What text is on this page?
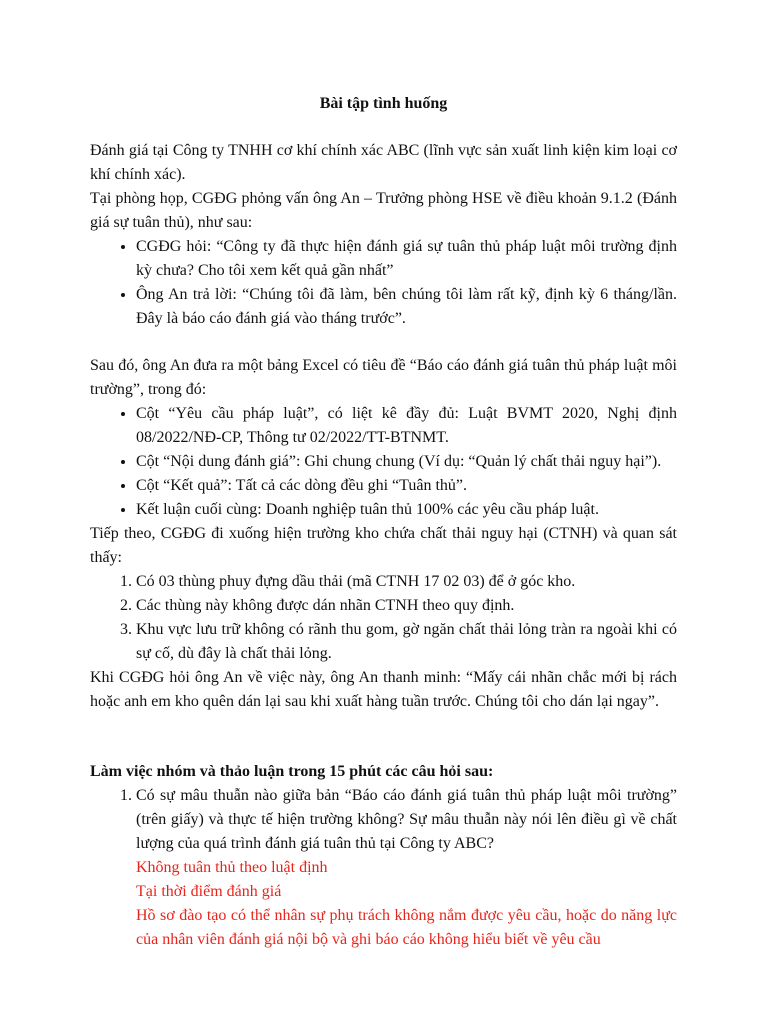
Bài tập tình huống

Đánh giá tại Công ty TNHH cơ khí chính xác ABC (lĩnh vực sản xuất linh kiện kim loại cơ khí chính xác).

Tại phòng họp, CGĐG phỏng vấn ông An – Trưởng phòng HSE về điều khoản 9.1.2 (Đánh giá sự tuân thủ), như sau:

• CGĐG hỏi: “Công ty đã thực hiện đánh giá sự tuân thủ pháp luật môi trường định kỳ chưa? Cho tôi xem kết quả gần nhất”
• Ông An trả lời: “Chúng tôi đã làm, bên chúng tôi làm rất kỹ, định kỳ 6 tháng/lần. Đây là báo cáo đánh giá vào tháng trước”.

Sau đó, ông An đưa ra một bảng Excel có tiêu đề “Báo cáo đánh giá tuân thủ pháp luật môi trường”, trong đó:

• Cột “Yêu cầu pháp luật”, có liệt kê đầy đủ: Luật BVMT 2020, Nghị định 08/2022/NĐ-CP, Thông tư 02/2022/TT-BTNMT.
• Cột “Nội dung đánh giá”: Ghi chung chung (Ví dụ: “Quản lý chất thải nguy hại”).
• Cột “Kết quả”: Tất cả các dòng đều ghi “Tuân thủ”.
• Kết luận cuối cùng: Doanh nghiệp tuân thủ 100% các yêu cầu pháp luật.

Tiếp theo, CGĐG đi xuống hiện trường kho chứa chất thải nguy hại (CTNH) và quan sát thấy:

1. Có 03 thùng phuy đựng dầu thải (mã CTNH 17 02 03) để ở góc kho.
2. Các thùng này không được dán nhãn CTNH theo quy định.
3. Khu vực lưu trữ không có rãnh thu gom, gờ ngăn chất thải lỏng tràn ra ngoài khi có sự cố, dù đây là chất thải lỏng.

Khi CGĐG hỏi ông An về việc này, ông An thanh minh: “Mấy cái nhãn chắc mới bị rách hoặc anh em kho quên dán lại sau khi xuất hàng tuần trước. Chúng tôi cho dán lại ngay”.

Làm việc nhóm và thảo luận trong 15 phút các câu hỏi sau:

1. Có sự mâu thuẫn nào giữa bản “Báo cáo đánh giá tuân thủ pháp luật môi trường” (trên giấy) và thực tế hiện trường không? Sự mâu thuẫn này nói lên điều gì về chất lượng của quá trình đánh giá tuân thủ tại Công ty ABC?
Không tuân thủ theo luật định
Tại thời điểm đánh giá
Hồ sơ đào tạo có thể nhân sự phụ trách không nắm được yêu cầu, hoặc do năng lực của nhân viên đánh giá nội bộ và ghi báo cáo không hiểu biết về yêu cầu
